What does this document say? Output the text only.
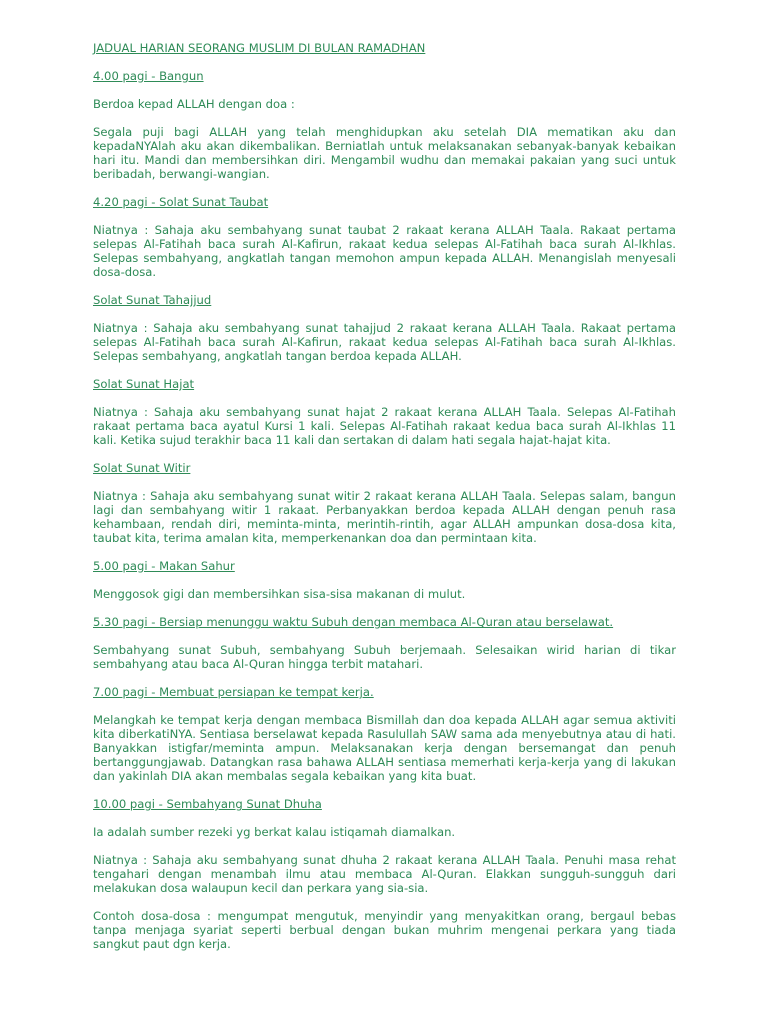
JADUAL HARIAN SEORANG MUSLIM DI BULAN RAMADHAN
4.00 pagi - Bangun

Berdoa kepad ALLAH dengan doa :

Segala puji bagi ALLAH yang telah menghidupkan aku setelah DIA mematikan aku dan kepadaNYAlah aku akan dikembalikan. Berniatlah untuk melaksanakan sebanyak-banyak kebaikan hari itu. Mandi dan membersihkan diri. Mengambil wudhu dan memakai pakaian yang suci untuk beribadah, berwangi-wangian.

4.20 pagi - Solat Sunat Taubat

Niatnya : Sahaja aku sembahyang sunat taubat 2 rakaat kerana ALLAH Taala. Rakaat pertama selepas Al-Fatihah baca surah Al-Kafirun, rakaat kedua selepas Al-Fatihah baca surah Al-Ikhlas. Selepas sembahyang, angkatlah tangan memohon ampun kepada ALLAH. Menangislah menyesali dosa-dosa.

Solat Sunat Tahajjud

Niatnya : Sahaja aku sembahyang sunat tahajjud 2 rakaat kerana ALLAH Taala. Rakaat pertama selepas Al-Fatihah baca surah Al-Kafirun, rakaat kedua selepas Al-Fatihah baca surah Al-Ikhlas. Selepas sembahyang, angkatlah tangan berdoa kepada ALLAH.

Solat Sunat Hajat

Niatnya : Sahaja aku sembahyang sunat hajat 2 rakaat kerana ALLAH Taala. Selepas Al-Fatihah rakaat pertama baca ayatul Kursi 1 kali. Selepas Al-Fatihah rakaat kedua baca surah Al-Ikhlas 11 kali. Ketika sujud terakhir baca 11 kali dan sertakan di dalam hati segala hajat-hajat kita.

Solat Sunat Witir

Niatnya : Sahaja aku sembahyang sunat witir 2 rakaat kerana ALLAH Taala. Selepas salam, bangun lagi dan sembahyang witir 1 rakaat. Perbanyakkan berdoa kepada ALLAH dengan penuh rasa kehambaan, rendah diri, meminta-minta, merintih-rintih, agar ALLAH ampunkan dosa-dosa kita, taubat kita, terima amalan kita, memperkenankan doa dan permintaan kita.

5.00 pagi - Makan Sahur

Menggosok gigi dan membersihkan sisa-sisa makanan di mulut.

5.30 pagi - Bersiap menunggu waktu Subuh dengan membaca Al-Quran atau berselawat.

Sembahyang sunat Subuh, sembahyang Subuh berjemaah. Selesaikan wirid harian di tikar sembahyang atau baca Al-Quran hingga terbit matahari.

7.00 pagi - Membuat persiapan ke tempat kerja.

Melangkah ke tempat kerja dengan membaca Bismillah dan doa kepada ALLAH agar semua aktiviti kita diberkatiNYA. Sentiasa berselawat kepada Rasulullah SAW sama ada menyebutnya atau di hati. Banyakkan istigfar/meminta ampun. Melaksanakan kerja dengan bersemangat dan penuh bertanggungjawab. Datangkan rasa bahawa ALLAH sentiasa memerhati kerja-kerja yang di lakukan dan yakinlah DIA akan membalas segala kebaikan yang kita buat.

10.00 pagi - Sembahyang Sunat Dhuha

Ia adalah sumber rezeki yg berkat kalau istiqamah diamalkan.

Niatnya : Sahaja aku sembahyang sunat dhuha 2 rakaat kerana ALLAH Taala. Penuhi masa rehat tengahari dengan menambah ilmu atau membaca Al-Quran. Elakkan sungguh-sungguh dari melakukan dosa walaupun kecil dan perkara yang sia-sia.

Contoh dosa-dosa : mengumpat mengutuk, menyindir yang menyakitkan orang, bergaul bebas tanpa menjaga syariat seperti berbual dengan bukan muhrim mengenai perkara yang tiada sangkut paut dgn kerja.
